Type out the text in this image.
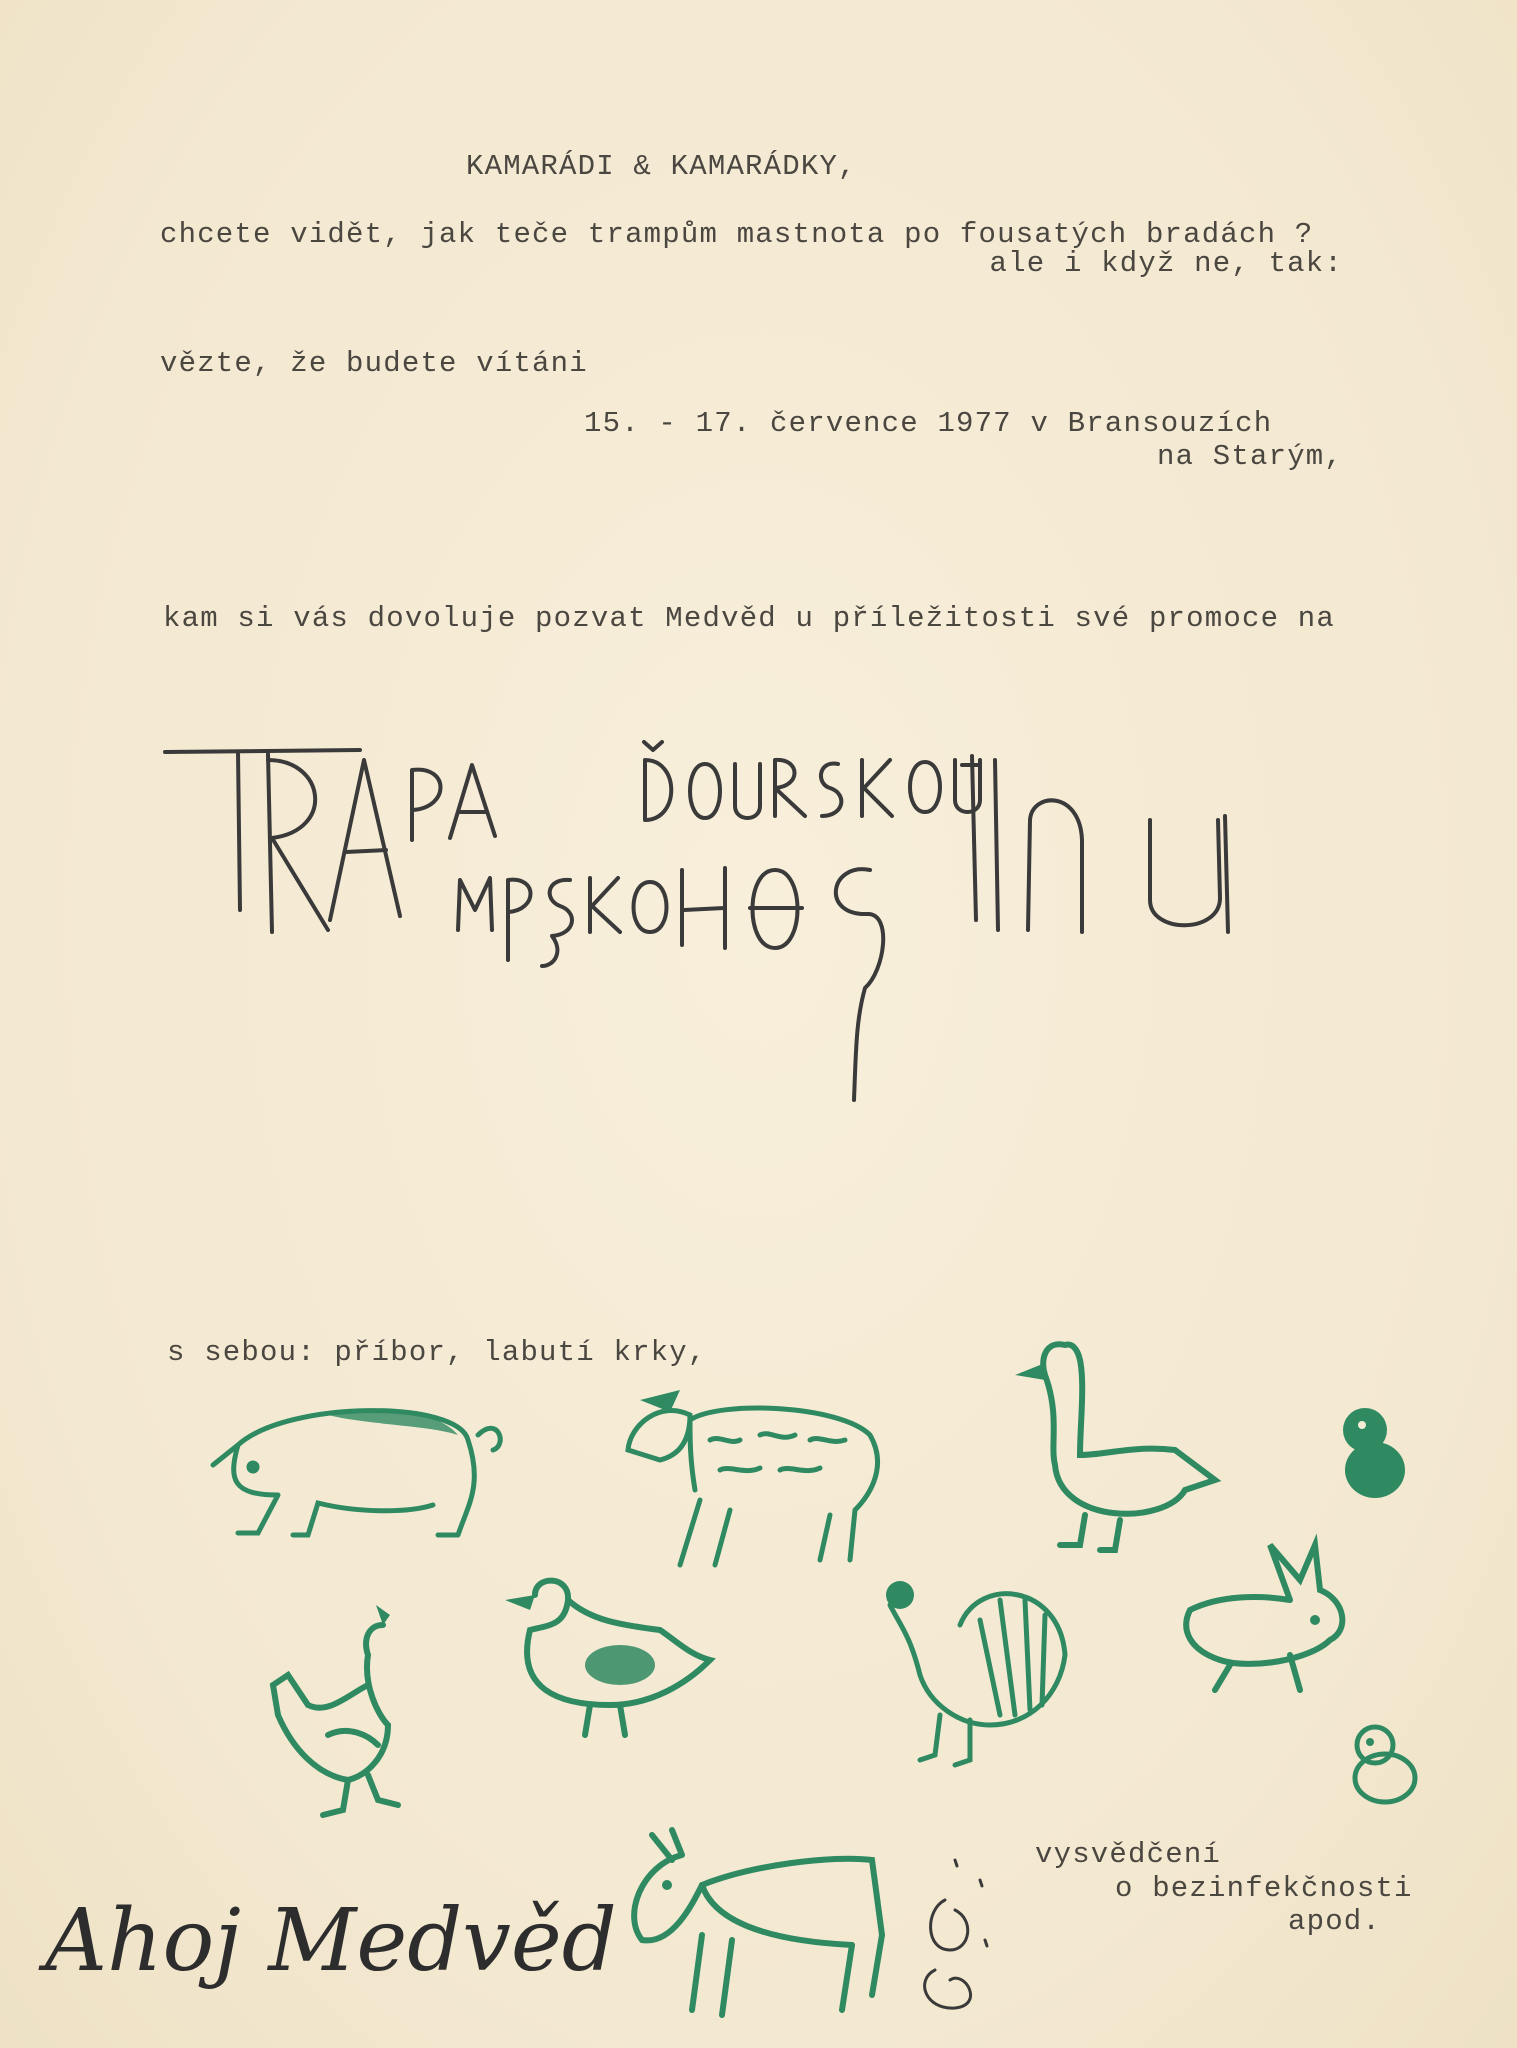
KAMARÁDI & KAMARÁDKY,
chcete vidět, jak teče trampům mastnota po fousatých bradách ?
ale i když ne, tak:
vězte, že budete vítáni
15. - 17. července 1977 v Bransouzích
na Starým,
kam si vás dovoluje pozvat Medvěd u příležitosti své promoce na
s sebou: příbor, labutí krky,
Ahoj Medvěd
vysvědčení
o bezinfekčnosti
apod.
